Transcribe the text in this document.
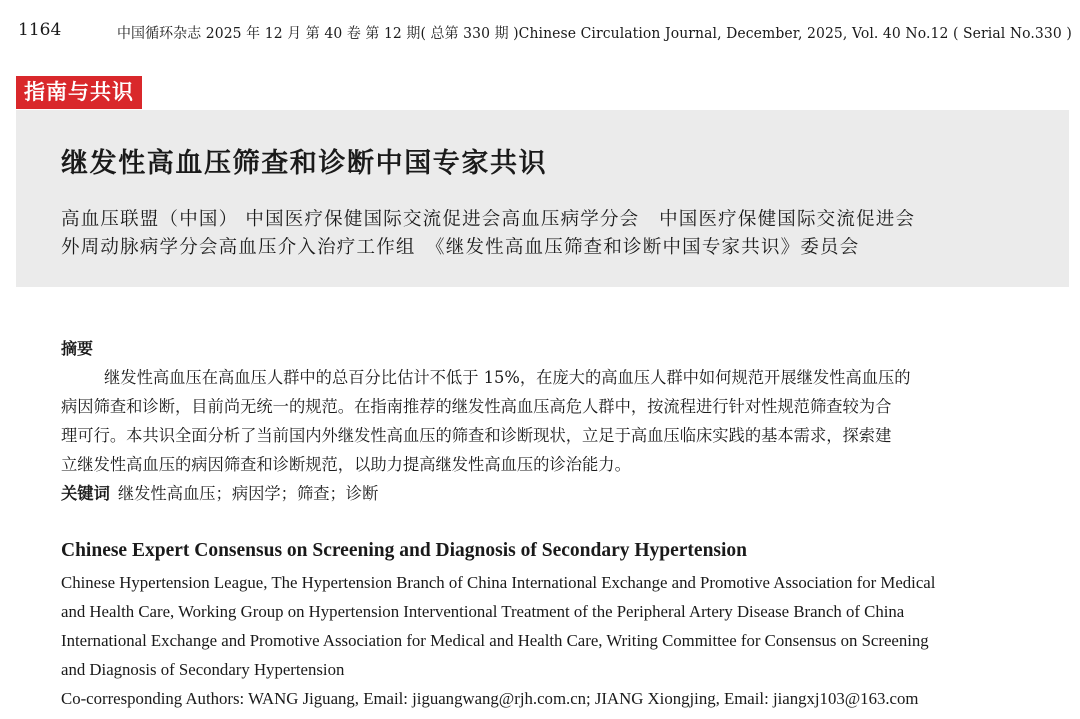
1164	中国循环杂志 2025 年 12 月 第 40 卷 第 12 期( 总第 330 期 )Chinese Circulation Journal, December, 2025, Vol. 40 No.12 ( Serial No.330 )
指南与共识
继发性高血压筛查和诊断中国专家共识
高血压联盟（中国） 中国医疗保健国际交流促进会高血压病学分会　中国医疗保健国际交流促进会
外周动脉病学分会高血压介入治疗工作组　《继发性高血压筛查和诊断中国专家共识》委员会
摘要
继发性高血压在高血压人群中的总百分比估计不低于 15%，在庞大的高血压人群中如何规范开展继发性高血压的
病因筛查和诊断，目前尚无统一的规范。在指南推荐的继发性高血压高危人群中，按流程进行针对性规范筛查较为合
理可行。本共识全面分析了当前国内外继发性高血压的筛查和诊断现状，立足于高血压临床实践的基本需求，探索建
立继发性高血压的病因筛查和诊断规范，以助力提高继发性高血压的诊治能力。
关键词 继发性高血压；病因学；筛查；诊断
Chinese Expert Consensus on Screening and Diagnosis of Secondary Hypertension
Chinese Hypertension League, The Hypertension Branch of China International Exchange and Promotive Association for Medical
and Health Care, Working Group on Hypertension Interventional Treatment of the Peripheral Artery Disease Branch of China
International Exchange and Promotive Association for Medical and Health Care, Writing Committee for Consensus on Screening
and Diagnosis of Secondary Hypertension
Co-corresponding Authors: WANG Jiguang, Email: jiguangwang@rjh.com.cn; JIANG Xiongjing, Email: jiangxj103@163.com
